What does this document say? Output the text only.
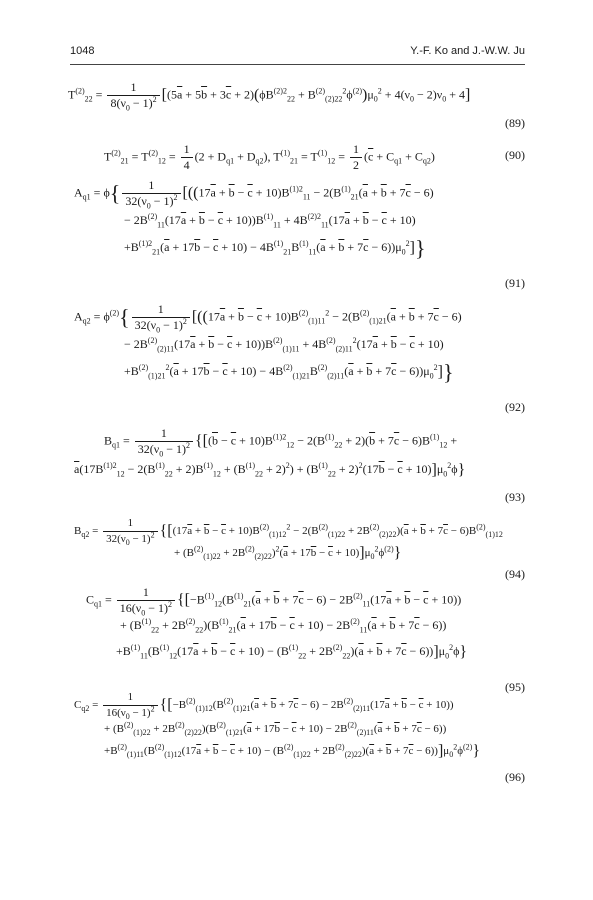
1048	Y.-F. Ko and J.-W.W. Ju
$T^{(2)}_{22} = \frac{1}{8(\nu_0 - 1)^2} [(5\overline{a} + 5\overline{b} + 3\overline{c} + 2)(\phi B^{(2)2}_{22} + B^{(2)}_{(2)22}^2\phi^{(2)})\mu_0^2 + 4(\nu_0 - 2)\nu_0 + 4]$
(89)
$T^{(2)}_{21} = T^{(2)}_{12} = \frac{1}{4} (2 + D_{q1} + D_{q2})$, $T^{(1)}_{21} = T^{(1)}_{12} = \frac{1}{2} (\overline{c} + C_{q1} + C_{q2})$	(90)
$A_{q1} = \phi\{ \frac{1}{32(\nu_0 - 1)^2} [((17\overline{a} + \overline{b} - \overline{c} + 10)B^{(1)2}_{11} - 2(B^{(1)}_{21}(\overline{a} + \overline{b} + 7\overline{c} - 6)$
− $2B^{(2)}_{11}(17\overline{a} + \overline{b} - \overline{c} + 10))B^{(1)}_{11} + 4B^{(2)2}_{11}(17\overline{a} + \overline{b} - \overline{c} + 10)$
$+B^{(1)2}_{21}(\overline{a} + 17\overline{b} - \overline{c} + 10) - 4B^{(1)}_{21}B^{(1)}_{11}(\overline{a} + \overline{b} + 7\overline{c} - 6))\mu_0^2$]}
(91)
$A_{q2} = \phi^{(2)}\{ \frac{1}{32(\nu_0 - 1)^2} [((17\overline{a} + \overline{b} - \overline{c} + 10)B^{(2)}_{(1)11}^2 - 2(B^{(2)}_{(1)21}(\overline{a} + \overline{b} + 7\overline{c} - 6)$
− $2B^{(2)}_{(2)11}(17\overline{a} + \overline{b} - \overline{c} + 10))B^{(2)}_{(1)11} + 4B^{(2)}_{(2)11}^2(17\overline{a} + \overline{b} - \overline{c} + 10)$
$+B^{(2)}_{(1)21}^2(\overline{a} + 17\overline{b} - \overline{c} + 10) - 4B^{(2)}_{(1)21}B^{(2)}_{(2)11}(\overline{a} + \overline{b} + 7\overline{c} - 6))\mu_0^2$]}
(92)
$B_{q1} = \frac{1}{32(\nu_0 - 1)^2} \{[(\overline{b} - \overline{c} + 10)B^{(1)2}_{12} - 2(B^{(1)}_{22} + 2)(\overline{b} + 7\overline{c} - 6)B^{(1)}_{12}$ +
$\overline{a}(17B^{(1)2}_{12} - 2(B^{(1)}_{22} + 2)B^{(1)}_{12} + (B^{(1)}_{22} + 2)^2) + (B^{(1)}_{22} + 2)^2(17\overline{b} - \overline{c} + 10)]\mu_0^2\phi$}
(93)
$B_{q2} = \frac{1}{32(\nu_0 - 1)^2} \{[(17\overline{a} + \overline{b} - \overline{c} + 10)B^{(2)}_{(1)12}^2 - 2(B^{(2)}_{(1)22} + 2B^{(2)}_{(2)22})(\overline{a} + \overline{b} + 7\overline{c} - 6)B^{(2)}_{(1)12}$
+ $(B^{(2)}_{(1)22} + 2B^{(2)}_{(2)22})^2(\overline{a} + 17\overline{b} - \overline{c} + 10)]\mu_0^2\phi^{(2)}$}
(94)
$C_{q1} = \frac{1}{16(\nu_0 - 1)^2} \{[-B^{(1)}_{12}(B^{(1)}_{21}(\overline{a} + \overline{b} + 7\overline{c} - 6) - 2B^{(2)}_{11}(17\overline{a} + \overline{b} - \overline{c} + 10))$
+ $(B^{(1)}_{22} + 2B^{(2)}_{22})(B^{(1)}_{21}(\overline{a} + 17\overline{b} - \overline{c} + 10) - 2B^{(2)}_{11}(\overline{a} + \overline{b} + 7\overline{c} - 6))$
$+B^{(1)}_{11}(B^{(1)}_{12}(17\overline{a} + \overline{b} - \overline{c} + 10) - (B^{(1)}_{22} + 2B^{(2)}_{22})(\overline{a} + \overline{b} + 7\overline{c} - 6))]\mu_0^2\phi$}
(95)
$C_{q2} = \frac{1}{16(\nu_0 - 1)^2} \{[-B^{(2)}_{(1)12}(B^{(2)}_{(1)21}(\overline{a} + \overline{b} + 7\overline{c} - 6) - 2B^{(2)}_{(2)11}(17\overline{a} + \overline{b} - \overline{c} + 10))$
+ $(B^{(2)}_{(1)22} + 2B^{(2)}_{(2)22})(B^{(2)}_{(1)21}(\overline{a} + 17\overline{b} - \overline{c} + 10) - 2B^{(2)}_{(2)11}(\overline{a} + \overline{b} + 7\overline{c} - 6))$
$+B^{(2)}_{(1)11}(B^{(2)}_{(1)12}(17\overline{a} + \overline{b} - \overline{c} + 10) - (B^{(2)}_{(1)22} + 2B^{(2)}_{(2)22})(\overline{a} + \overline{b} + 7\overline{c} - 6))]\mu_0^2\phi^{(2)}$}
(96)
